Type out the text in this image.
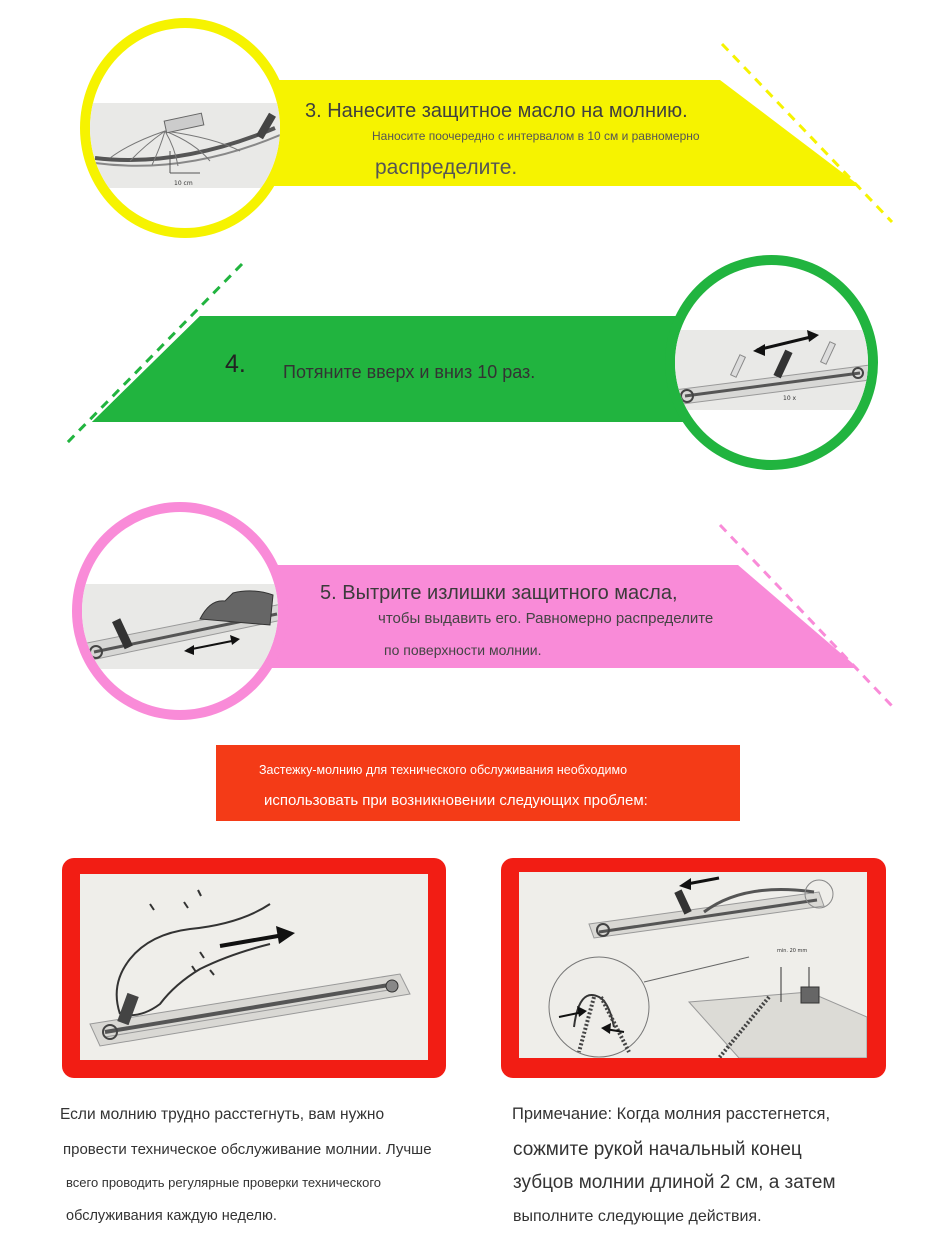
10 cm
3. Нанесите защитное масло на молнию.
Наносите поочередно с интервалом в 10 см и равномерно
распределите.
10 x
4. Потяните вверх и вниз 10 раз.
5. Вытрите излишки защитного масла,
чтобы выдавить его. Равномерно распределите
по поверхности молнии.
Застежку-молнию для технического обслуживания необходимо
использовать при возникновении следующих проблем:
Если молнию трудно расстегнуть, вам нужно
провести техническое обслуживание молнии. Лучше
всего проводить регулярные проверки технического
обслуживания каждую неделю.
min. 20 mm
Примечание: Когда молния расстегнется,
сожмите рукой начальный конец
зубцов молнии длиной 2 см, а затем
выполните следующие действия.
